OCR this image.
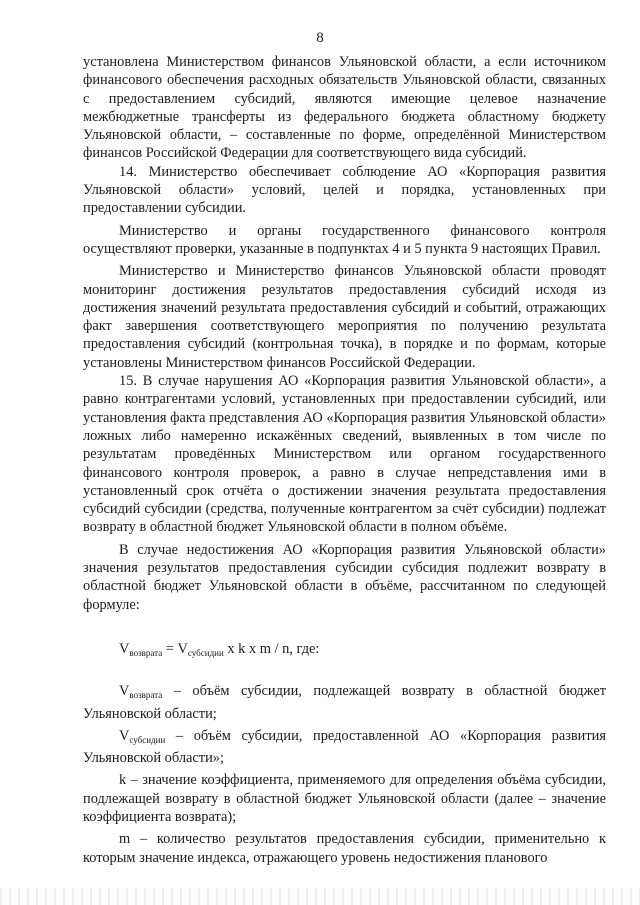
8

установлена Министерством финансов Ульяновской области, а если источником финансового обеспечения расходных обязательств Ульяновской области, связанных с предоставлением субсидий, являются имеющие целевое назначение межбюджетные трансферты из федерального бюджета областному бюджету Ульяновской области, – составленные по форме, определённой Министерством финансов Российской Федерации для соответствующего вида субсидий.

14. Министерство обеспечивает соблюдение АО «Корпорация развития Ульяновской области» условий, целей и порядка, установленных при предоставлении субсидии.

Министерство и органы государственного финансового контроля осуществляют проверки, указанные в подпунктах 4 и 5 пункта 9 настоящих Правил.

Министерство и Министерство финансов Ульяновской области проводят мониторинг достижения результатов предоставления субсидий исходя из достижения значений результата предоставления субсидий и событий, отражающих факт завершения соответствующего мероприятия по получению результата предоставления субсидий (контрольная точка), в порядке и по формам, которые установлены Министерством финансов Российской Федерации.

15. В случае нарушения АО «Корпорация развития Ульяновской области», а равно контрагентами условий, установленных при предоставлении субсидий, или установления факта представления АО «Корпорация развития Ульяновской области» ложных либо намеренно искажённых сведений, выявленных в том числе по результатам проведённых Министерством или органом государственного финансового контроля проверок, а равно в случае непредставления ими в установленный срок отчёта о достижении значения результата предоставления субсидий субсидии (средства, полученные контрагентом за счёт субсидии) подлежат возврату в областной бюджет Ульяновской области в полном объёме.

В случае недостижения АО «Корпорация развития Ульяновской области» значения результатов предоставления субсидии субсидия подлежит возврату в областной бюджет Ульяновской области в объёме, рассчитанном по следующей формуле:

$V_{возврата} = V_{субсидии}$ x k x m / n, где:

$V_{возврата}$ – объём субсидии, подлежащей возврату в областной бюджет Ульяновской области;

$V_{субсидии}$ – объём субсидии, предоставленной АО «Корпорация развития Ульяновской области»;

k – значение коэффициента, применяемого для определения объёма субсидии, подлежащей возврату в областной бюджет Ульяновской области (далее – значение коэффициента возврата);

m – количество результатов предоставления субсидии, применительно к которым значение индекса, отражающего уровень недостижения планового
